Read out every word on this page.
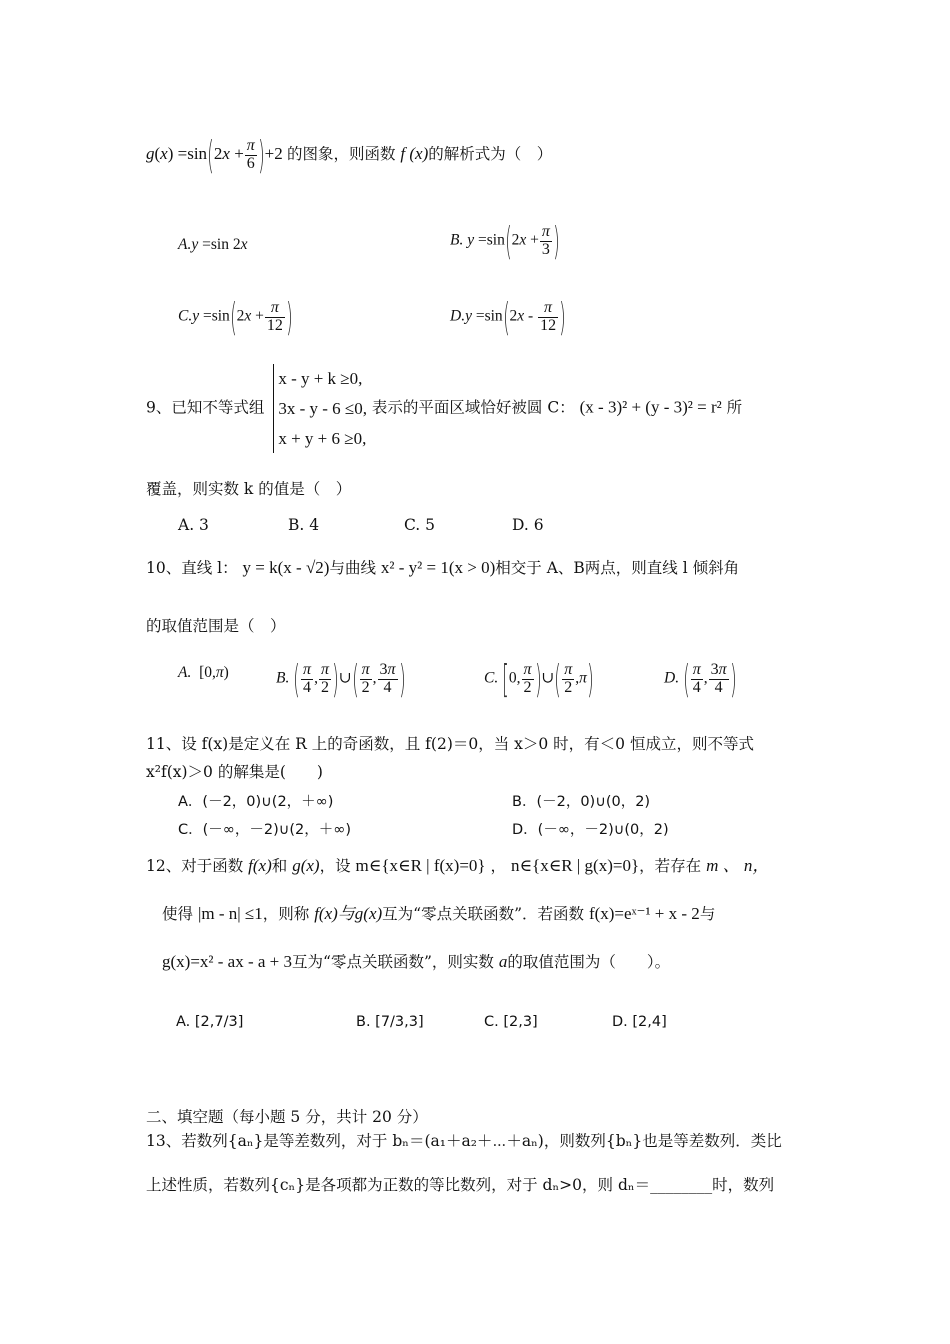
$g(x) =\sin(2x + \frac{\pi}{6} )+2$ 的图象，则函数 f (x)的解析式为（　）
A.y =sin 2x	B. $y =\sin(2x + \frac{\pi}{3}$ )
$C.y =\sin(2x + \frac{\pi}{12}$ )	$D.y =\sin(2x - \frac{\pi}{12}$ )
9、已知不等式组
x - y + k ≥0,
3x - y - 6 ≤0,
x + y + 6 ≥0,
表示的平面区域恰好被圆 C： (x - 3)² + (y - 3)² = r² 所
覆盖，则实数 k 的值是（　）
A. 3	B. 4	C. 5	D. 6
10、直线 l： y = k(x - √2)与曲线 x² - y² = 1(x > 0)相交于 A、B两点，则直线 l 倾斜角
的取值范围是（　）
A.  [0,π)	B. ( $\frac{\pi}{4}$ , $\frac{\pi}{2}$ )∪( $\frac{\pi}{2}$ , $\frac{3\pi}{4}$ )	C. [0, $\frac{\pi}{2}$ )∪( $\frac{\pi}{2} ,\pi$)	D. ( $\frac{\pi}{4}$ , $\frac{3\pi}{4}$ )
11、设 f(x)是定义在 R 上的奇函数，且 f(2)＝0，当 x＞0 时，有＜0 恒成立，则不等式
x²f(x)＞0 的解集是(　　)
A．(－2，0)∪(2，＋∞)	B．(－2，0)∪(0，2)
C．(－∞，－2)∪(2，＋∞)	D．(－∞，－2)∪(0，2)
12、对于函数 f(x)和 g(x)，设 m∈{x∈R | f(x)=0} ， n∈{x∈R | g(x)=0}，若存在 m 、 n，
使得 |m - n| ≤1，则称 f(x)与g(x)互为“零点关联函数”．若函数 f(x)=eˣ⁻¹ + x - 2与
g(x)=x² - ax - a + 3互为“零点关联函数”，则实数 a的取值范围为（　　）。
A. [2,7/3]	B. [7/3,3]	C. [2,3]	D. [2,4]
二、填空题（每小题 5 分，共计 20 分）
13、若数列{aₙ}是等差数列，对于 bₙ＝(a₁＋a₂＋⋯＋aₙ)，则数列{bₙ}也是等差数列．类比
上述性质，若数列{cₙ}是各项都为正数的等比数列，对于 dₙ>0，则 dₙ＝________时，数列
